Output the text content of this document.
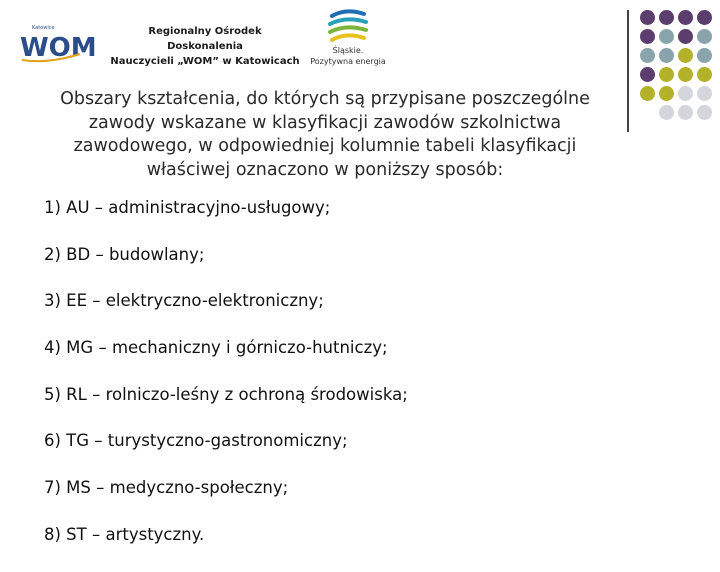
Katowice
WOM
Regionalny Ośrodek Doskonalenia
Nauczycieli „WOM” w Katowicach
Śląskie.
Pozytywna energia
Obszary kształcenia, do których są przypisane poszczególne zawody wskazane w klasyfikacji zawodów szkolnictwa zawodowego, w odpowiedniej kolumnie tabeli klasyfikacji właściwej oznaczono w poniższy sposób:
1) AU – administracyjno-usługowy;
2) BD – budowlany;
3) EE – elektryczno-elektroniczny;
4) MG – mechaniczny i górniczo-hutniczy;
5) RL – rolniczo-leśny z ochroną środowiska;
6) TG – turystyczno-gastronomiczny;
7) MS – medyczno-społeczny;
8) ST – artystyczny.
